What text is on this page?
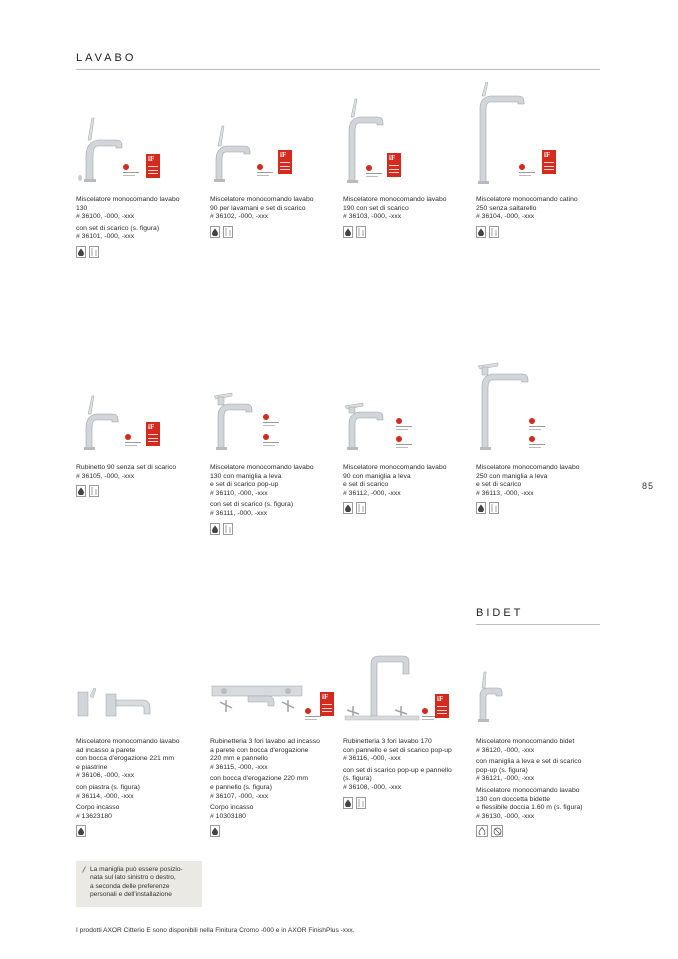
LAVABO
BIDET
85
iF

Miscelatore monocomando lavabo

130

# 36100, -000, -xxx

con set di scarico (s. figura)

# 36101, -000, -xxx

iF

Miscelatore monocomando lavabo

90 per lavamani e set di scarico

# 36102, -000, -xxx

iF

Miscelatore monocomando lavabo

190 con set di scarico

# 36103, -000, -xxx

iF

Miscelatore monocomando catino

250 senza saltarello

# 36104, -000, -xxx

iF

Rubinetto 90 senza set di scarico

# 36105, -000, -xxx

Miscelatore monocomando lavabo

130 con maniglia a leva

e set di scarico pop-up

# 36110, -000, -xxx

con set di scarico (s. figura)

# 36111, -000, -xxx

Miscelatore monocomando lavabo

90 con maniglia a leva

e set di scarico

# 36112, -000, -xxx

Miscelatore monocomando lavabo

250 con maniglia a leva

e set di scarico

# 36113, -000, -xxx

Miscelatore monocomando lavabo

ad incasso a parete

con bocca d'erogazione 221 mm

e piastrine

# 36106, -000, -xxx

con piastra (s. figura)

# 36114, -000, -xxx

Corpo incasso

# 13623180

iF

Rubinetteria 3 fori lavabo ad incasso

a parete con bocca d'erogazione

220 mm e pannello

# 36115, -000, -xxx

con bocca d'erogazione 220 mm

e pannello (s. figura)

# 36107, -000, -xxx

Corpo incasso

# 10303180

iF

Rubinetteria 3 fori lavabo 170

con pannello e set di scarico pop-up

# 36116, -000, -xxx

con set di scarico pop-up e pannello

(s. figura)

# 36108, -000, -xxx

Miscelatore monocomando bidet

# 36120, -000, -xxx

con maniglia a leva e set di scarico

pop-up (s. figura)

# 36121, -000, -xxx

Miscelatore monocomando lavabo

130 con doccetta bidette

e flessibile doccia 1.60 m (s. figura)

# 36130, -000, -xxx

La maniglia può essere posizio-
nata sul lato sinistro o destro,
a seconda delle preferenze
personali e dell'installazione
I prodotti AXOR Citterio E sono disponibili nella Finitura Cromo -000 e in AXOR FinishPlus -xxx.
